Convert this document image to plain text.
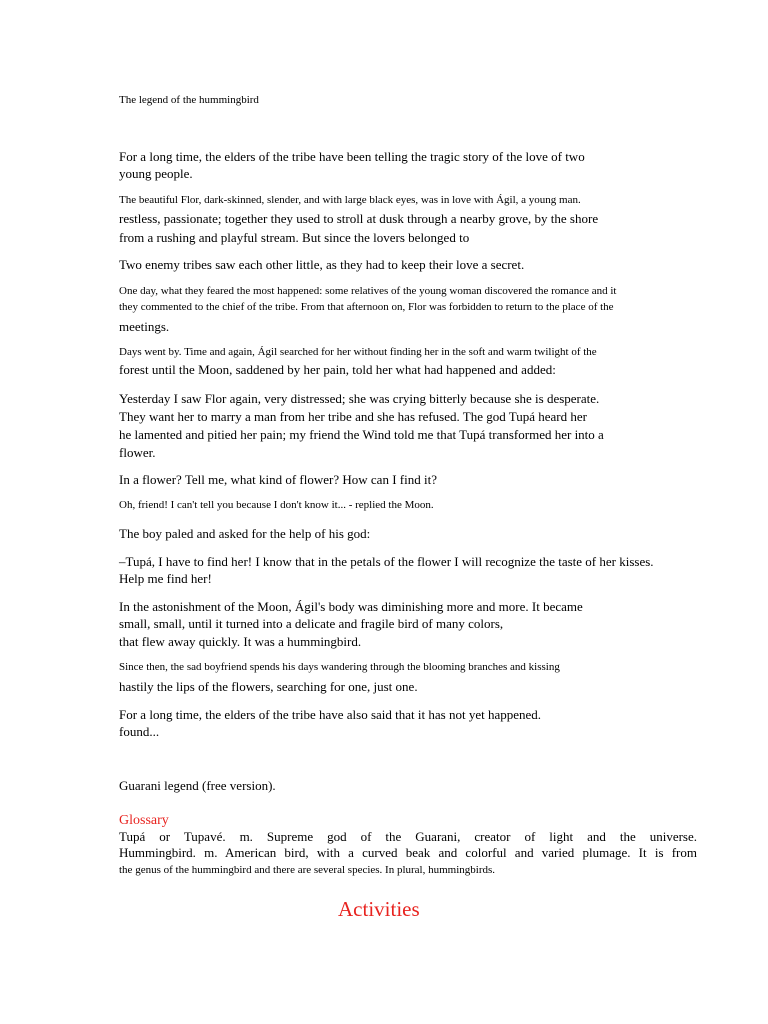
The legend of the hummingbird
For a long time, the elders of the tribe have been telling the tragic story of the love of two
young people.
The beautiful Flor, dark-skinned, slender, and with large black eyes, was in love with Ágil, a young man.
restless, passionate; together they used to stroll at dusk through a nearby grove, by the shore
from a rushing and playful stream. But since the lovers belonged to
Two enemy tribes saw each other little, as they had to keep their love a secret.
One day, what they feared the most happened: some relatives of the young woman discovered the romance and it
they commented to the chief of the tribe. From that afternoon on, Flor was forbidden to return to the place of the
meetings.
Days went by. Time and again, Ágil searched for her without finding her in the soft and warm twilight of the
forest until the Moon, saddened by her pain, told her what had happened and added:
Yesterday I saw Flor again, very distressed; she was crying bitterly because she is desperate.
They want her to marry a man from her tribe and she has refused. The god Tupá heard her
he lamented and pitied her pain; my friend the Wind told me that Tupá transformed her into a
flower.
In a flower? Tell me, what kind of flower? How can I find it?
Oh, friend! I can't tell you because I don't know it... - replied the Moon.
The boy paled and asked for the help of his god:
–Tupá, I have to find her! I know that in the petals of the flower I will recognize the taste of her kisses.
Help me find her!
In the astonishment of the Moon, Ágil's body was diminishing more and more. It became
small, small, until it turned into a delicate and fragile bird of many colors,
that flew away quickly. It was a hummingbird.
Since then, the sad boyfriend spends his days wandering through the blooming branches and kissing
hastily the lips of the flowers, searching for one, just one.
For a long time, the elders of the tribe have also said that it has not yet happened.
found...
Guarani legend (free version).
Glossary
Tupá or Tupavé. m. Supreme god of the Guarani, creator of light and the universe.
Hummingbird. m. American bird, with a curved beak and colorful and varied plumage. It is from
the genus of the hummingbird and there are several species. In plural, hummingbirds.
Activities
